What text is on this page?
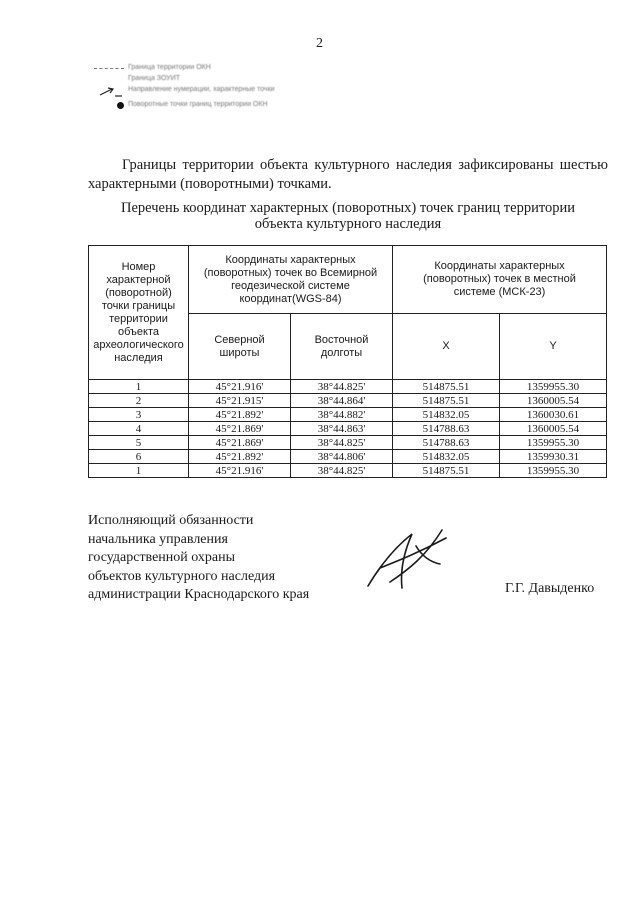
2
Граница территории ОКН
Граница ЗОУИТ
Направление нумерации, характерные точки
Поворотные точки границ территории ОКН
Границы территории объекта культурного наследия зафиксированы шестью характерными (поворотными) точками.
Перечень координат характерных (поворотных) точек границ территории
объекта культурного наследия
Номер характерной (поворотной) точки границы территории объекта археологического наследия	Координаты характерных (поворотных) точек во Всемирной геодезической системе координат(WGS-84)		Координаты характерных (поворотных) точек в местной системе (МСК-23)	
	Северной широты	Восточной долготы	X	Y
1	45°21.916'	38°44.825'	514875.51	1359955.30
2	45°21.915'	38°44.864'	514875.51	1360005.54
3	45°21.892'	38°44.882'	514832.05	1360030.61
4	45°21.869'	38°44.863'	514788.63	1360005.54
5	45°21.869'	38°44.825'	514788.63	1359955.30
6	45°21.892'	38°44.806'	514832.05	1359930.31
1	45°21.916'	38°44.825'	514875.51	1359955.30
Исполняющий обязанности
начальника управления
государственной охраны
объектов культурного наследия
администрации Краснодарского края	Г.Г. Давыденко
